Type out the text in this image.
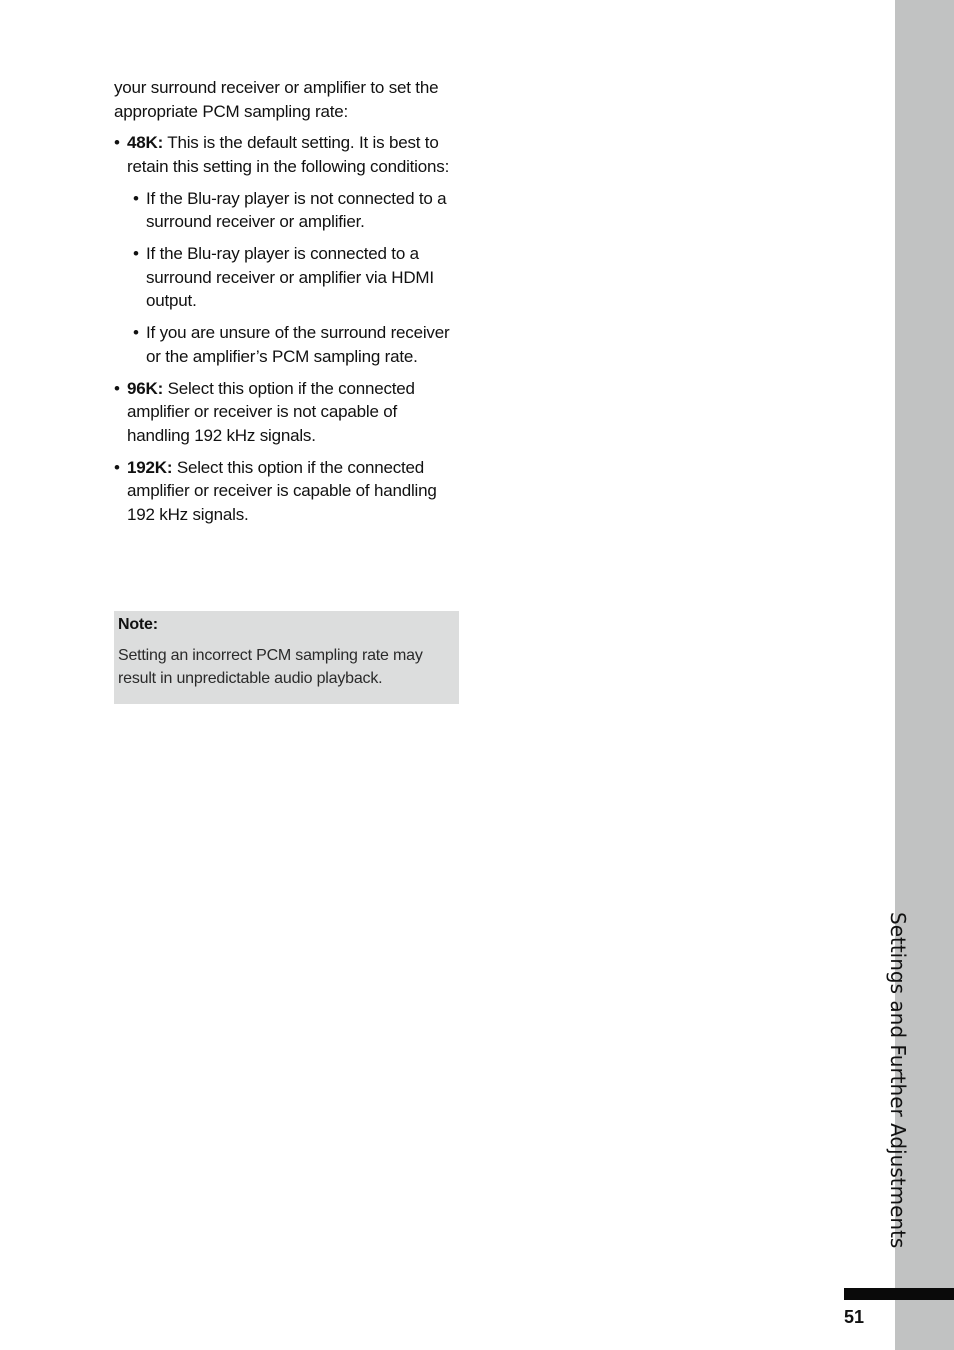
your surround receiver or amplifier to set the appropriate PCM sampling rate:

• 48K: This is the default setting. It is best to retain this setting in the following conditions:
• If the Blu-ray player is not connected to a surround receiver or amplifier.
• If the Blu-ray player is connected to a surround receiver or amplifier via HDMI output.
• If you are unsure of the surround receiver or the amplifier’s PCM sampling rate.
• 96K: Select this option if the connected amplifier or receiver is not capable of handling 192 kHz signals.
• 192K: Select this option if the connected amplifier or receiver is capable of handling 192 kHz signals.
Note:
Setting an incorrect PCM sampling rate may result in unpredictable audio playback.
Settings and Further Adjustments
51
